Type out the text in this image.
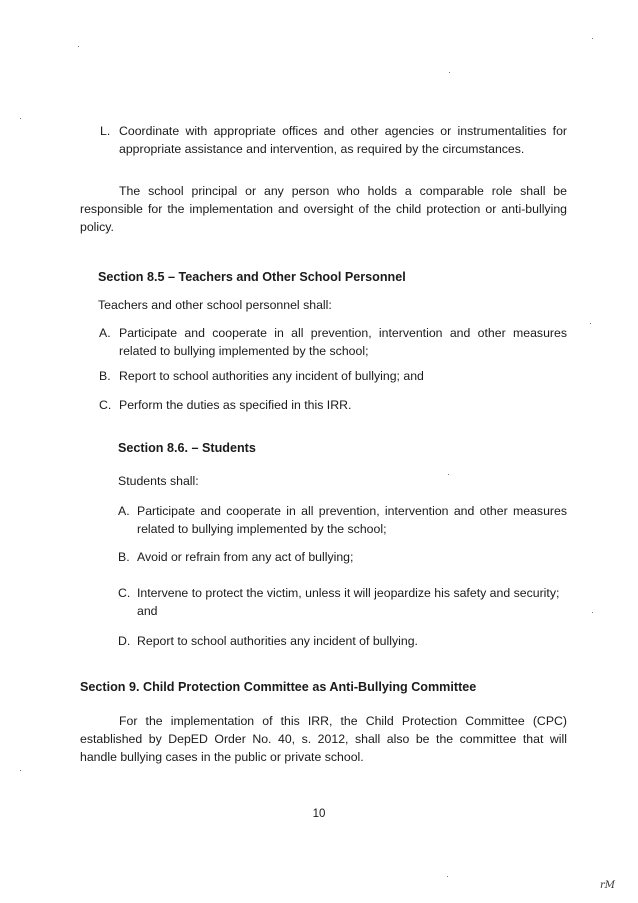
L. Coordinate with appropriate offices and other agencies or instrumentalities for
appropriate assistance and intervention, as required by the circumstances.
The school principal or any person who holds a comparable role shall be
responsible for the implementation and oversight of the child protection or anti-bullying
policy.
Section 8.5 – Teachers and Other School Personnel
Teachers and other school personnel shall:
A. Participate and cooperate in all prevention, intervention and other measures
related to bullying implemented by the school;
B. Report to school authorities any incident of bullying; and
C. Perform the duties as specified in this IRR.
Section 8.6. – Students
Students shall:
A. Participate and cooperate in all prevention, intervention and other measures
related to bullying implemented by the school;
B. Avoid or refrain from any act of bullying;
C. Intervene to protect the victim, unless it will jeopardize his safety and security;
and
D. Report to school authorities any incident of bullying.
Section 9. Child Protection Committee as Anti-Bullying Committee
For the implementation of this IRR, the Child Protection Committee (CPC)
established by DepED Order No. 40, s. 2012, shall also be the committee that will
handle bullying cases in the public or private school.
10
rM
